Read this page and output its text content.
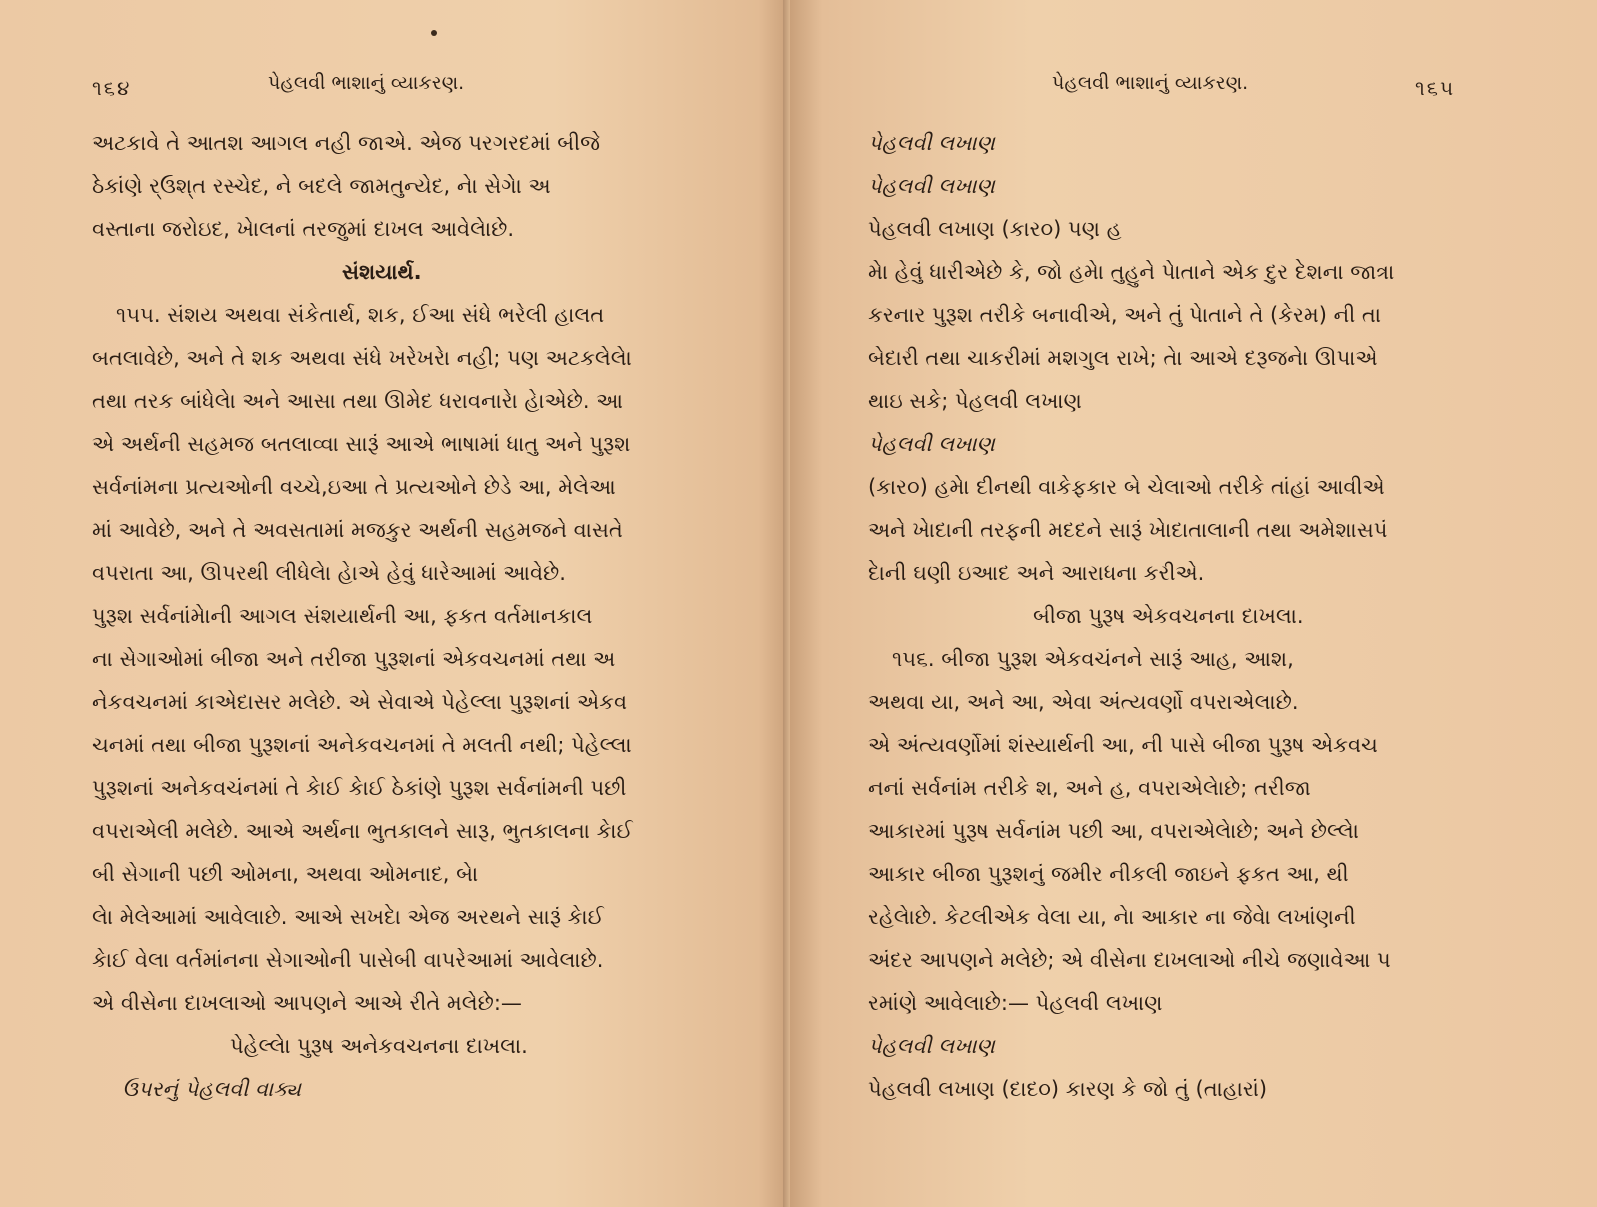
૧૬૪	પેહલવી ભાશાનું વ્યાકરણ.
અટકાવે તે આતશ આગલ નહી જાએ. એજ પરગરદમાં બીજે
ઠેકાંણે ર્‌ઉશ્‌ત રસ્ચેદ, ને બદલે જામતુન્યેદ, નેા સેગેા અ
વસ્તાના જરોઇદ, ખેાલનાં તરજુમાં દાખલ આવેલેાછે.
સંશયાર્થ.
૧૫૫. સંશય અથવા સંકેતાર્થ, શક, ઈઆ સંધે ભરેલી હાલત
બતલાવેછે, અને તે શક અથવા સંધે ખરેખરેા નહી; પણ અટકલેલેા
તથા તરક બાંધેલેા અને આસા તથા ઊમેદ ધરાવનારેા હેાએછે. આ
એ અર્થની સહમજ બતલાવ્વા સારૂં આએ ભાષામાં ધાતુ અને પુરૂશ
સર્વનાંમના પ્રત્યઓની વચ્ચે,ઇઆ તે પ્રત્યઓને છેડે આ, મેલેઆ
માં આવેછે, અને તે અવસતામાં મજકુર અર્થની સહમજને વાસતે
વપરાતા આ, ઊપરથી લીધેલેા હેાએ હેવું ધારેઆમાં આવેછે.
પુરૂશ સર્વનાંમેાની આગલ સંશયાર્થની આ, ફકત વર્તમાનકાલ
ના સેગાઓમાં બીજા અને તરીજા પુરૂશનાં એકવચનમાં તથા અ
નેકવચનમાં કાએદાસર મલેછે. એ સેવાએ પેહેલ્લા પુરૂશનાં એકવ
ચનમાં તથા બીજા પુરૂશનાં અનેકવચનમાં તે મલતી નથી; પેહેલ્લા
પુરૂશનાં અનેકવચંનમાં તે કેાઈ કેાઈ ઠેકાંણે પુરૂશ સર્વનાંમની પછી
વપરાએલી મલેછે. આએ અર્થના ભુતકાલને સારૂ, ભુતકાલના કેાઈ
બી સેગાની પછી ઓમના, અથવા ઓમનાદ, બેા
લેા મેલેઆમાં આવેલાછે. આએ સખદેા એજ અરથને સારૂં કેાઈ
કેાઈ વેલા વર્તમાંનના સેગાઓની પાસેબી વાપરેઆમાં આવેલાછે.
એ વીસેના દાખલાઓ આપણને આએ રીતે મલેછે:—
પેહેલ્લેા પુરૂષ અનેકવચનના દાખલા.
ઉપરનું પેહલવી વાક્ય
પેહલવી ભાશાનું વ્યાકરણ.	૧૬૫
પેહલવી લખાણ
પેહલવી લખાણ
પેહલવી લખાણ (કાર૦) પણ હ
મેા હેવું ધારીએછે કે, જો હમેા તુહુને પેાતાને એક દુર દેશના જાત્રા
કરનાર પુરૂશ તરીકે બનાવીએ, અને તું પેાતાને તે (કેરમ) ની તા
બેદારી તથા ચાકરીમાં મશગુલ રાખે; તેા આએ દરૂજનેા ઊપાએ
થાઇ સકે; પેહલવી લખાણ
પેહલવી લખાણ
(કાર૦) હમેા દીનથી વાકેફકાર બે ચેલાઓ તરીકે તાંહાં આવીએ
અને ખેાદાની તરફની મદદને સારૂં ખેાદાતાલાની તથા અમેશાસપં
દેાની ઘણી ઇઆદ અને આરાધના કરીએ.
બીજા પુરૂષ એકવચનના દાખલા.
૧૫૬. બીજા પુરૂશ એકવચંનને સારૂં આહ, આશ,
અથવા યા, અને આ, એવા અંત્યવર્ણો વપરાએલાછે.
એ અંત્યવર્ણોમાં શંસ્યાર્થની આ, ની પાસે બીજા પુરૂષ એકવચ
નનાં સર્વનાંમ તરીકે શ, અને હ, વપરાએલેાછે; તરીજા
આકારમાં પુરૂષ સર્વનાંમ પછી આ, વપરાએલેાછે; અને છેલ્લેા
આકાર બીજા પુરૂશનું જમીર નીકલી જાઇને ફકત આ, થી
રહેલેાછે. કેટલીએક વેલા યા, નેા આકાર ના જેવેા લખાંણની
અંદર આપણને મલેછે; એ વીસેના દાખલાઓ નીચે જણાવેઆ પ
રમાંણે આવેલાછે:— પેહલવી લખાણ
પેહલવી લખાણ
પેહલવી લખાણ (દાદ૦) કારણ કે જો તું (તાહારાં)
